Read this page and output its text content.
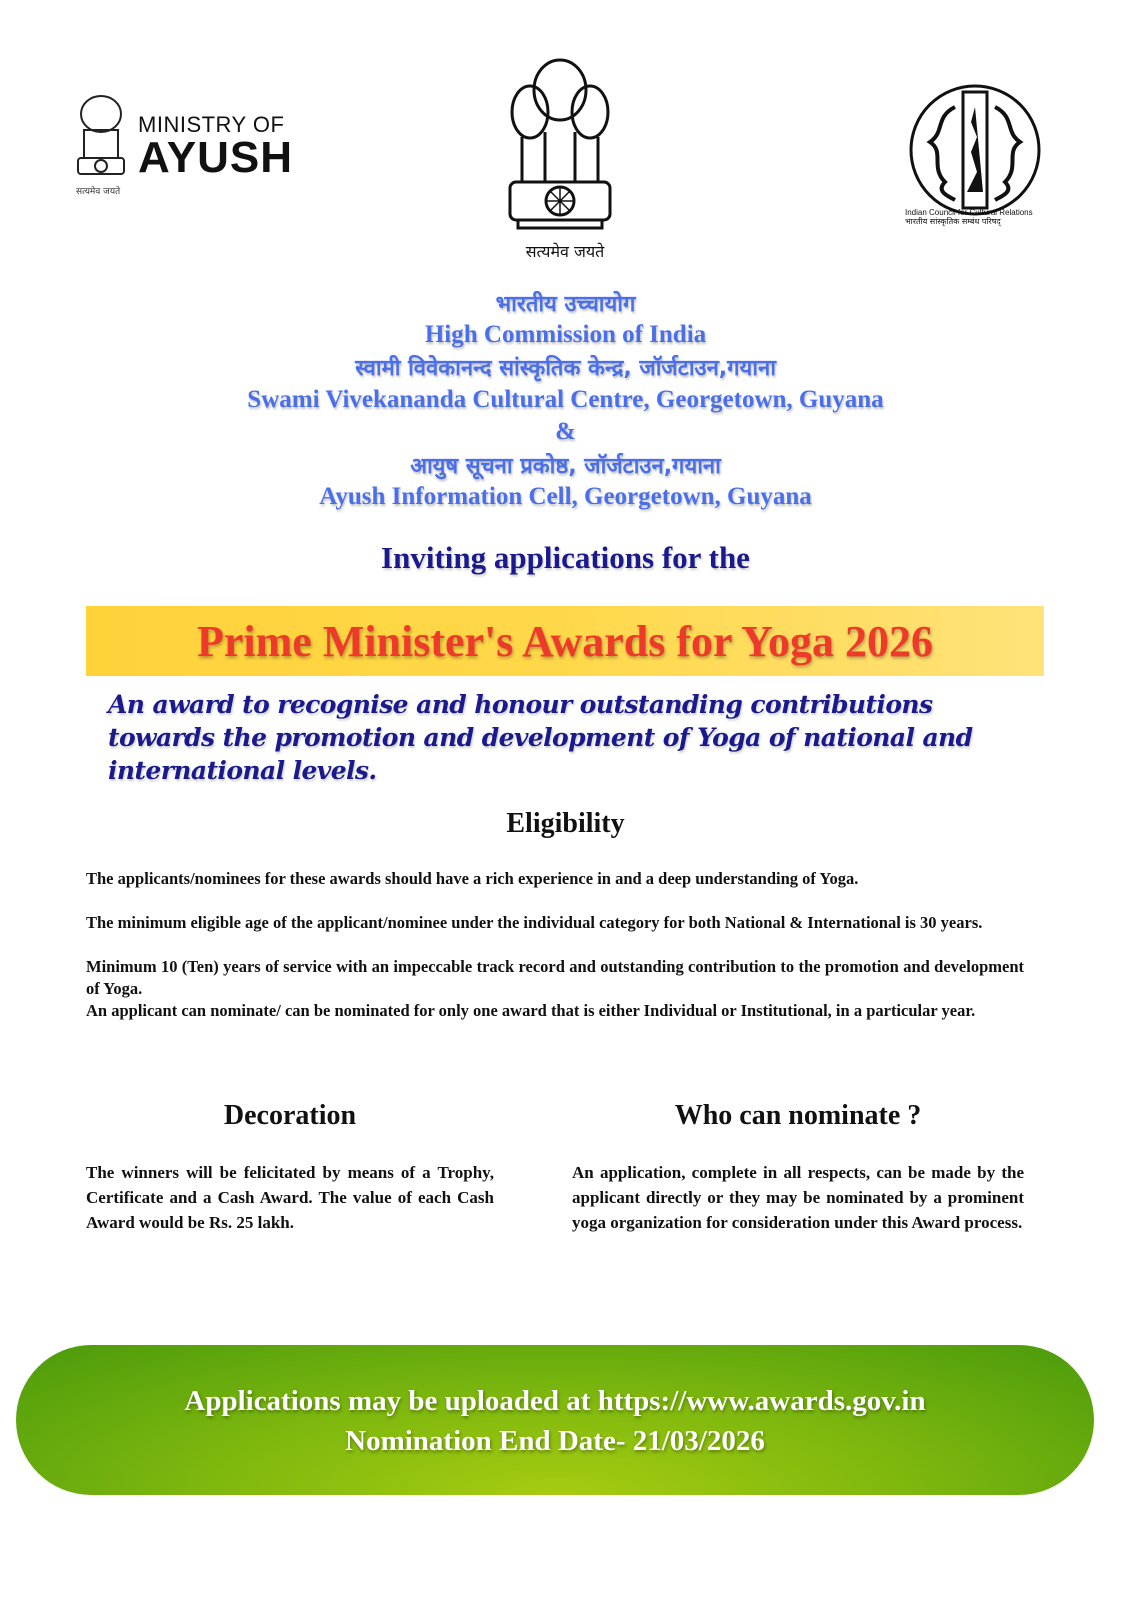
MINISTRY OF
AYUSH
सत्यमेव जयते
सत्यमेव जयते
Indian Council for Cultural Relations
भारतीय सांस्कृतिक सम्बंध परिषद्
भारतीय उच्चायोग
High Commission of India
स्वामी विवेकानन्द सांस्कृतिक केन्द्र, जॉर्जटाउन,गयाना
Swami Vivekananda Cultural Centre, Georgetown, Guyana
&
आयुष सूचना प्रकोष्ठ, जॉर्जटाउन,गयाना
Ayush Information Cell, Georgetown, Guyana
Inviting applications for the
Prime Minister's Awards for Yoga 2026
An award to recognise and honour outstanding contributions towards the promotion and development of Yoga of national and international levels.
Eligibility

The applicants/nominees for these awards should have a rich experience in and a deep understanding of Yoga.

The minimum eligible age of the applicant/nominee under the individual category for both National & International is 30 years.

Minimum 10 (Ten) years of service with an impeccable track record and outstanding contribution to the promotion and development of Yoga.

An applicant can nominate/ can be nominated for only one award that is either Individual or Institutional, in a particular year.

Decoration

The winners will be felicitated by means of a Trophy, Certificate and a Cash Award. The value of each Cash Award would be Rs. 25 lakh.

Who can nominate ?

An application, complete in all respects, can be made by the applicant directly or they may be nominated by a prominent yoga organization for consideration under this Award process.

Applications may be uploaded at https://www.awards.gov.in
Nomination End Date- 21/03/2026
